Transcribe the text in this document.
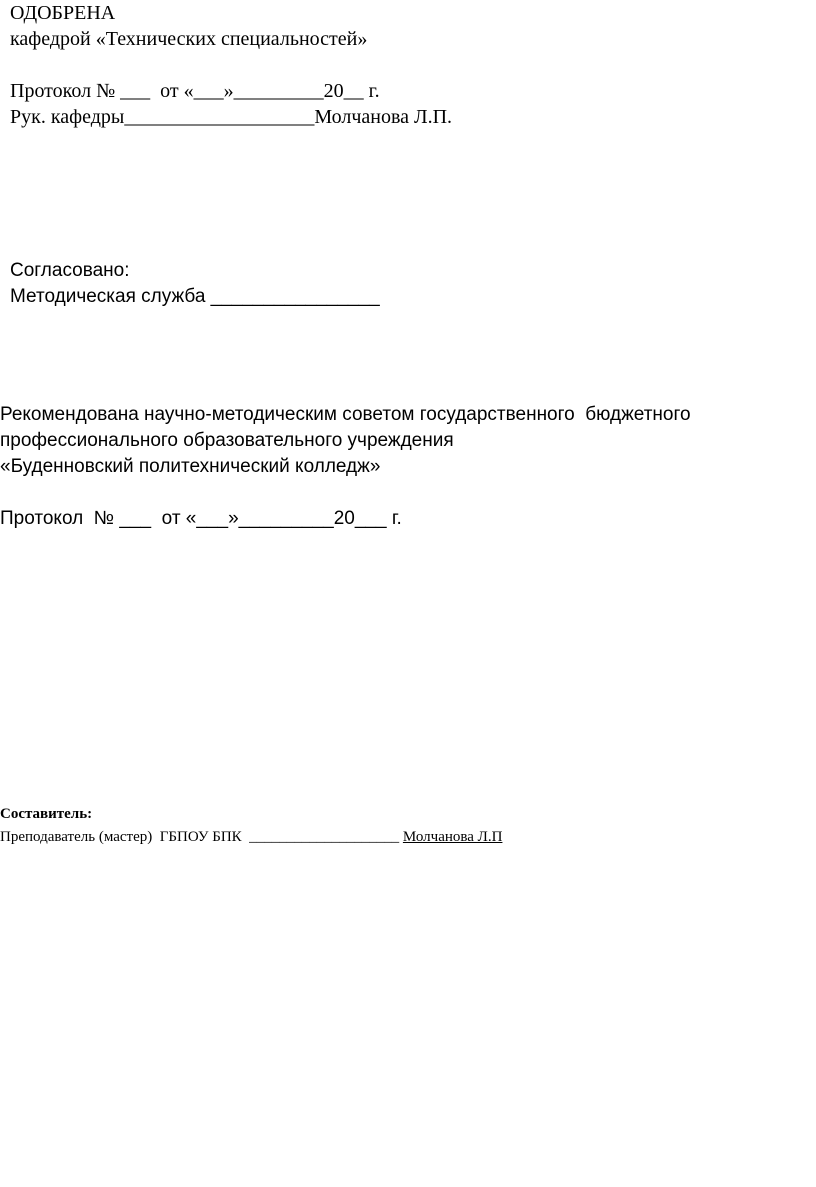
ОДОБРЕНА
кафедрой «Технических специальностей»
Протокол № ___  от «___»_________20__ г.
Рук. кафедры___________________Молчанова Л.П.
Согласовано:
Методическая служба ________________
Рекомендована научно-методическим советом государственного  бюджетного
профессионального образовательного учреждения
«Буденновский политехнический колледж»
Протокол  № ___  от «___»_________20___ г.
Составитель:
Преподаватель (мастер)  ГБПОУ БПК  ____________________ Молчанова Л.П
